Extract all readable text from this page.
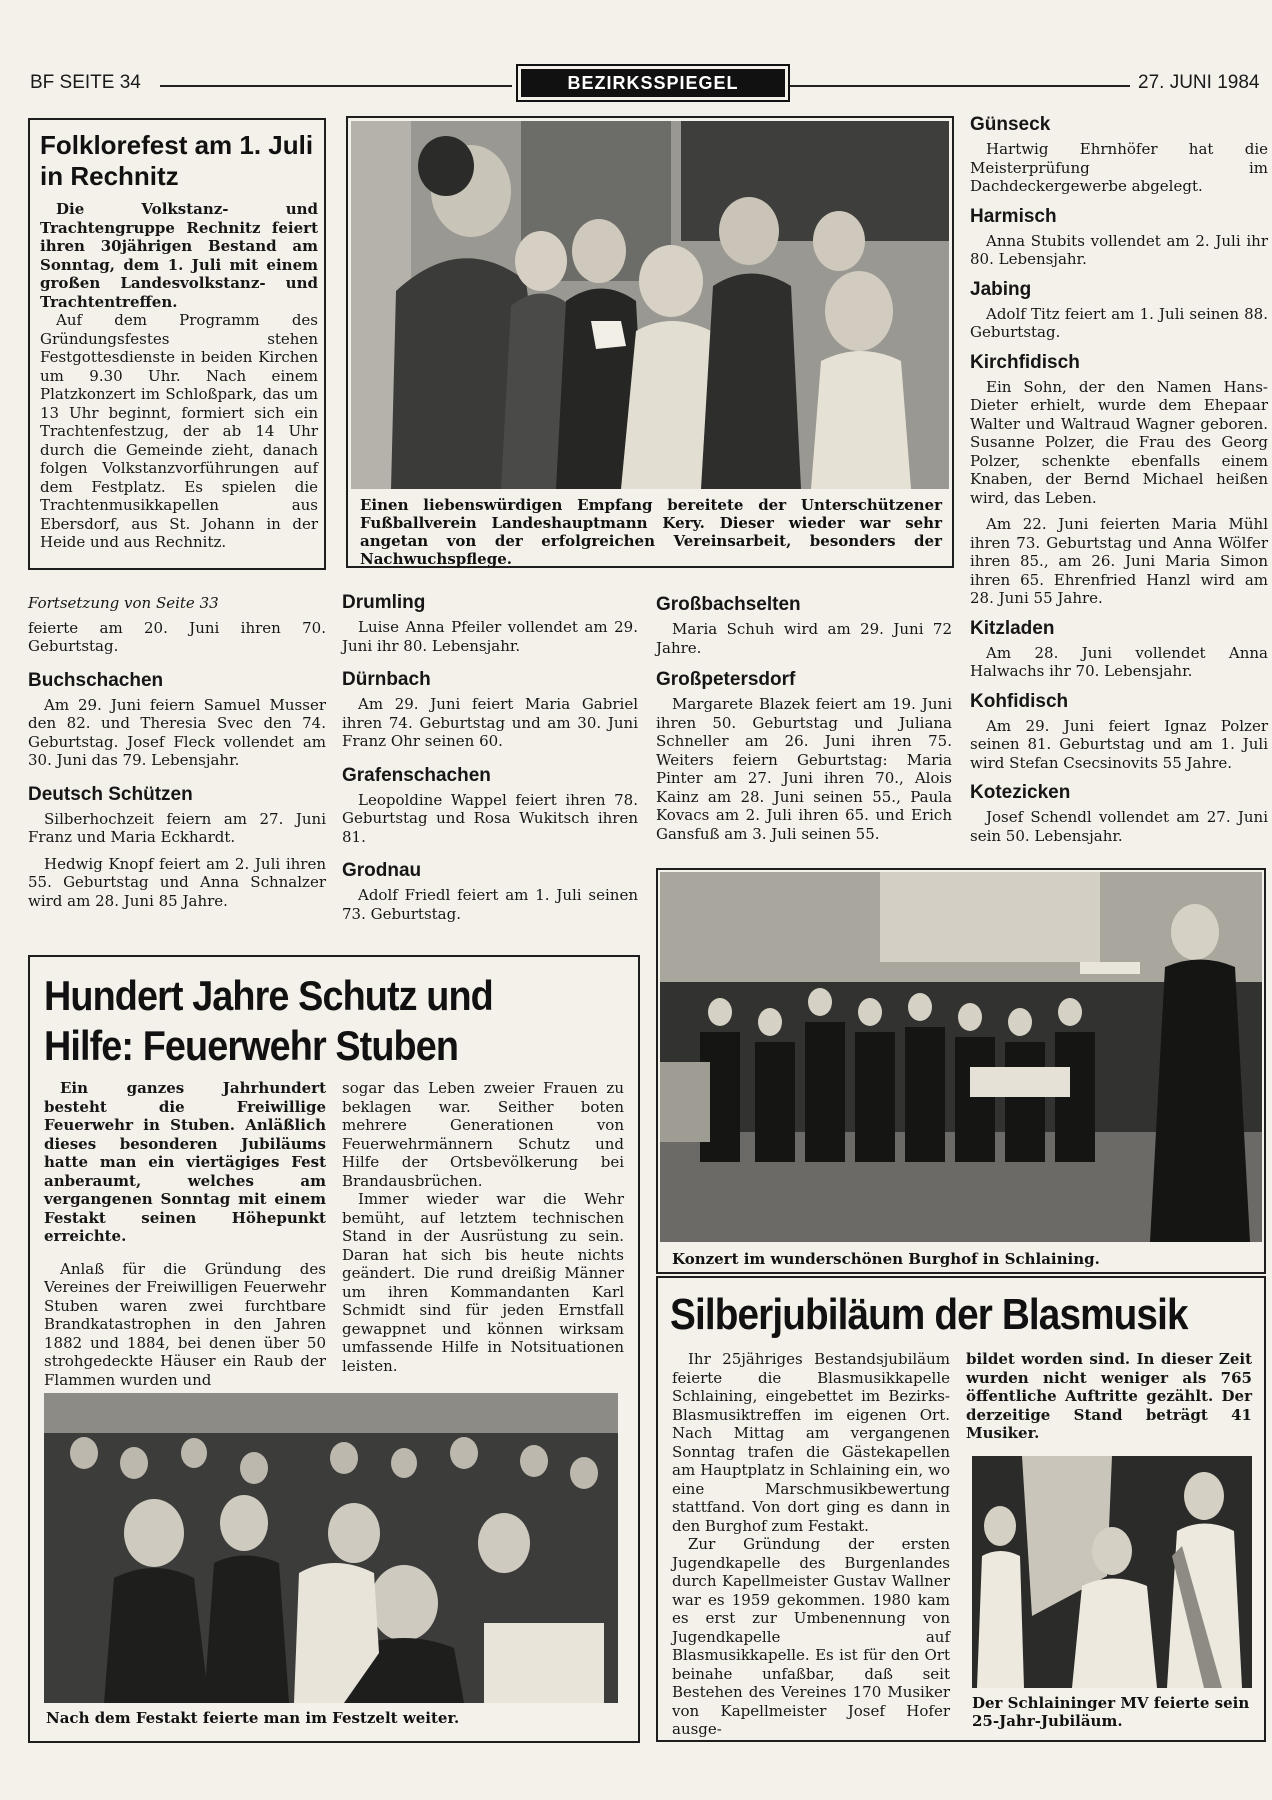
BF SEITE 34	BEZIRKSSPIEGEL	27. JUNI 1984
Folklorefest am 1. Juli in Rechnitz

Die Volkstanz- und Trachtengruppe Rechnitz feiert ihren 30jährigen Bestand am Sonntag, dem 1. Juli mit einem großen Landesvolkstanz- und Trachtentreffen.

Auf dem Programm des Gründungsfestes stehen Festgottesdienste in beiden Kirchen um 9.30 Uhr. Nach einem Platzkonzert im Schloßpark, das um 13 Uhr beginnt, formiert sich ein Trachtenfestzug, der ab 14 Uhr durch die Gemeinde zieht, danach folgen Volkstanzvorführungen auf dem Festplatz. Es spielen die Trachtenmusikkapellen aus Ebersdorf, aus St. Johann in der Heide und aus Rechnitz.

Einen liebenswürdigen Empfang bereitete der Unterschützener Fußballverein Landeshauptmann Kery. Dieser wieder war sehr angetan von der erfolgreichen Vereinsarbeit, besonders der Nachwuchspflege.
Günseck

Hartwig Ehrnhöfer hat die Meisterprüfung im Dachdeckergewerbe abgelegt.

Harmisch

Anna Stubits vollendet am 2. Juli ihr 80. Lebensjahr.

Jabing

Adolf Titz feiert am 1. Juli seinen 88. Geburtstag.

Kirchfidisch

Ein Sohn, der den Namen Hans-Dieter erhielt, wurde dem Ehepaar Walter und Waltraud Wagner geboren. Susanne Polzer, die Frau des Georg Polzer, schenkte ebenfalls einem Knaben, der Bernd Michael heißen wird, das Leben.

Am 22. Juni feierten Maria Mühl ihren 73. Geburtstag und Anna Wölfer ihren 85., am 26. Juni Maria Simon ihren 65. Ehrenfried Hanzl wird am 28. Juni 55 Jahre.

Kitzladen

Am 28. Juni vollendet Anna Halwachs ihr 70. Lebensjahr.

Kohfidisch

Am 29. Juni feiert Ignaz Polzer seinen 81. Geburtstag und am 1. Juli wird Stefan Csecsinovits 55 Jahre.

Kotezicken

Josef Schendl vollendet am 27. Juni sein 50. Lebensjahr.

Fortsetzung von Seite 33

feierte am 20. Juni ihren 70. Geburtstag.

Buchschachen

Am 29. Juni feiern Samuel Musser den 82. und Theresia Svec den 74. Geburtstag. Josef Fleck vollendet am 30. Juni das 79. Lebensjahr.

Deutsch Schützen

Silberhochzeit feiern am 27. Juni Franz und Maria Eckhardt.

Hedwig Knopf feiert am 2. Juli ihren 55. Geburtstag und Anna Schnalzer wird am 28. Juni 85 Jahre.

Drumling

Luise Anna Pfeiler vollendet am 29. Juni ihr 80. Lebensjahr.

Dürnbach

Am 29. Juni feiert Maria Gabriel ihren 74. Geburtstag und am 30. Juni Franz Ohr seinen 60.

Grafenschachen

Leopoldine Wappel feiert ihren 78. Geburtstag und Rosa Wukitsch ihren 81.

Grodnau

Adolf Friedl feiert am 1. Juli seinen 73. Geburtstag.

Großbachselten

Maria Schuh wird am 29. Juni 72 Jahre.

Großpetersdorf

Margarete Blazek feiert am 19. Juni ihren 50. Geburtstag und Juliana Schneller am 26. Juni ihren 75. Weiters feiern Geburtstag: Maria Pinter am 27. Juni ihren 70., Alois Kainz am 28. Juni seinen 55., Paula Kovacs am 2. Juli ihren 65. und Erich Gansfuß am 3. Juli seinen 55.

Hundert Jahre Schutz und
Hilfe: Feuerwehr Stuben

Ein ganzes Jahrhundert besteht die Freiwillige Feuerwehr in Stuben. Anläßlich dieses besonderen Jubiläums hatte man ein viertägiges Fest anberaumt, welches am vergangenen Sonntag mit einem Festakt seinen Höhepunkt erreichte.

Anlaß für die Gründung des Vereines der Freiwilligen Feuerwehr Stuben waren zwei furchtbare Brandkatastrophen in den Jahren 1882 und 1884, bei denen über 50 strohgedeckte Häuser ein Raub der Flammen wurden und

sogar das Leben zweier Frauen zu beklagen war. Seither boten mehrere Generationen von Feuerwehrmännern Schutz und Hilfe der Ortsbevölkerung bei Brandausbrüchen.

Immer wieder war die Wehr bemüht, auf letztem technischen Stand in der Ausrüstung zu sein. Daran hat sich bis heute nichts geändert. Die rund dreißig Männer um ihren Kommandanten Karl Schmidt sind für jeden Ernstfall gewappnet und können wirksam umfassende Hilfe in Notsituationen leisten.

Nach dem Festakt feierte man im Festzelt weiter.
Konzert im wunderschönen Burghof in Schlaining.
Silberjubiläum der Blasmusik

Ihr 25jähriges Bestandsjubiläum feierte die Blasmusikkapelle Schlaining, eingebettet im Bezirks-Blasmusiktreffen im eigenen Ort. Nach Mittag am vergangenen Sonntag trafen die Gästekapellen am Hauptplatz in Schlaining ein, wo eine Marschmusikbewertung stattfand. Von dort ging es dann in den Burghof zum Festakt.

Zur Gründung der ersten Jugendkapelle des Burgenlandes durch Kapellmeister Gustav Wallner war es 1959 gekommen. 1980 kam es erst zur Umbenennung von Jugendkapelle auf Blasmusikkapelle. Es ist für den Ort beinahe unfaßbar, daß seit Bestehen des Vereines 170 Musiker von Kapellmeister Josef Hofer ausge-

bildet worden sind. In dieser Zeit wurden nicht weniger als 765 öffentliche Auftritte gezählt. Der derzeitige Stand beträgt 41 Musiker.

Der Schlaininger MV feierte sein 25-Jahr-Jubiläum.
